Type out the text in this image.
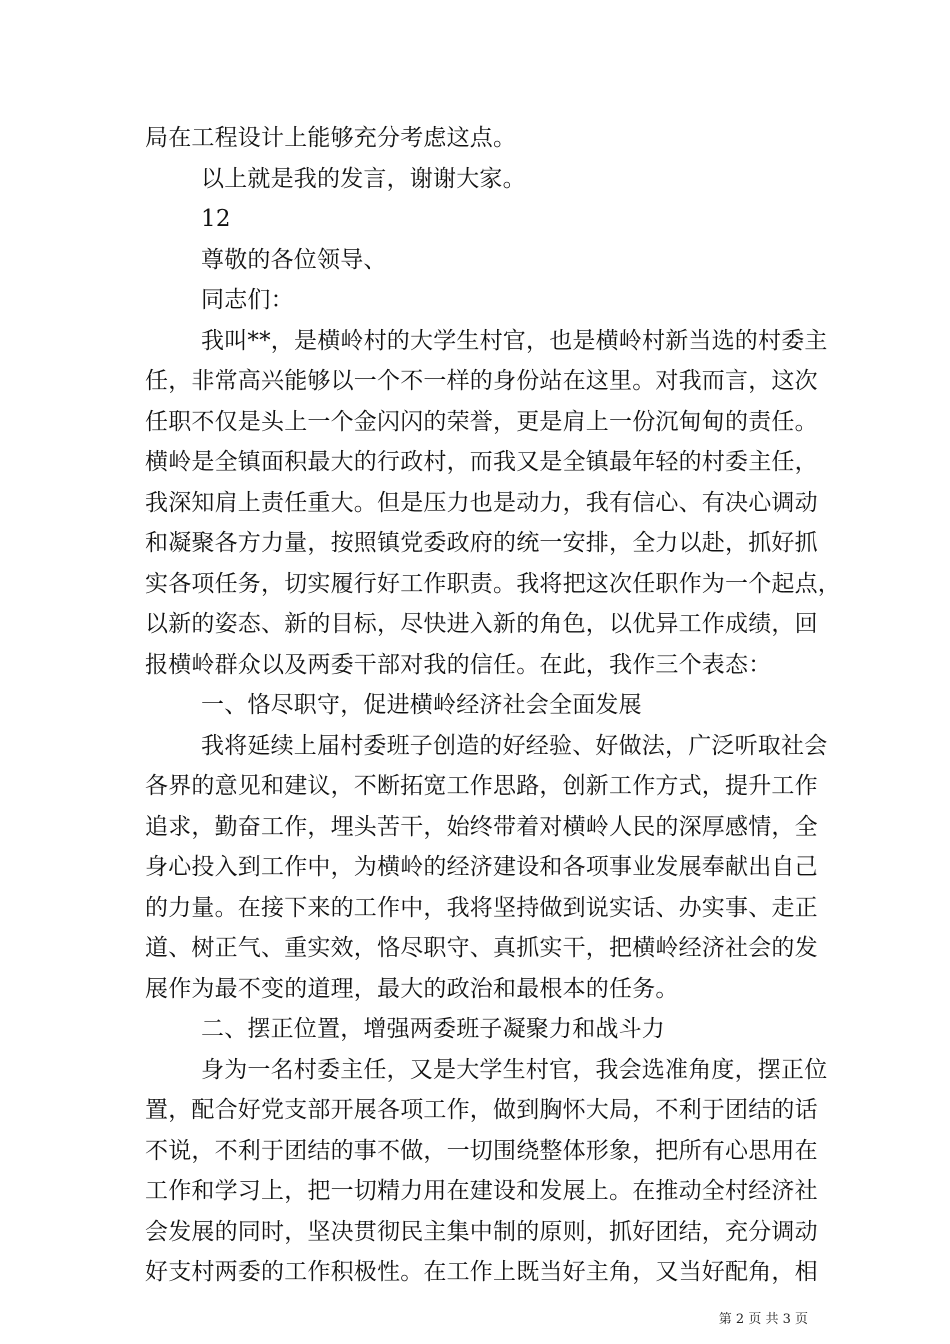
局在工程设计上能够充分考虑这点。
以上就是我的发言，谢谢大家。
12
尊敬的各位领导、
同志们：
我叫**，是横岭村的大学生村官，也是横岭村新当选的村委主
任，非常高兴能够以一个不一样的身份站在这里。对我而言，这次
任职不仅是头上一个金闪闪的荣誉，更是肩上一份沉甸甸的责任。
横岭是全镇面积最大的行政村，而我又是全镇最年轻的村委主任，
我深知肩上责任重大。但是压力也是动力，我有信心、有决心调动
和凝聚各方力量，按照镇党委政府的统一安排，全力以赴，抓好抓
实各项任务，切实履行好工作职责。我将把这次任职作为一个起点，
以新的姿态、新的目标，尽快进入新的角色，以优异工作成绩，回
报横岭群众以及两委干部对我的信任。在此，我作三个表态：
一、恪尽职守，促进横岭经济社会全面发展
我将延续上届村委班子创造的好经验、好做法，广泛听取社会
各界的意见和建议，不断拓宽工作思路，创新工作方式，提升工作
追求，勤奋工作，埋头苦干，始终带着对横岭人民的深厚感情，全
身心投入到工作中，为横岭的经济建设和各项事业发展奉献出自己
的力量。在接下来的工作中，我将坚持做到说实话、办实事、走正
道、树正气、重实效，恪尽职守、真抓实干，把横岭经济社会的发
展作为最不变的道理，最大的政治和最根本的任务。
二、摆正位置，增强两委班子凝聚力和战斗力
身为一名村委主任，又是大学生村官，我会选准角度，摆正位
置，配合好党支部开展各项工作，做到胸怀大局，不利于团结的话
不说，不利于团结的事不做，一切围绕整体形象，把所有心思用在
工作和学习上，把一切精力用在建设和发展上。在推动全村经济社
会发展的同时，坚决贯彻民主集中制的原则，抓好团结，充分调动
好支村两委的工作积极性。在工作上既当好主角，又当好配角，相
第 2 页 共 3 页
